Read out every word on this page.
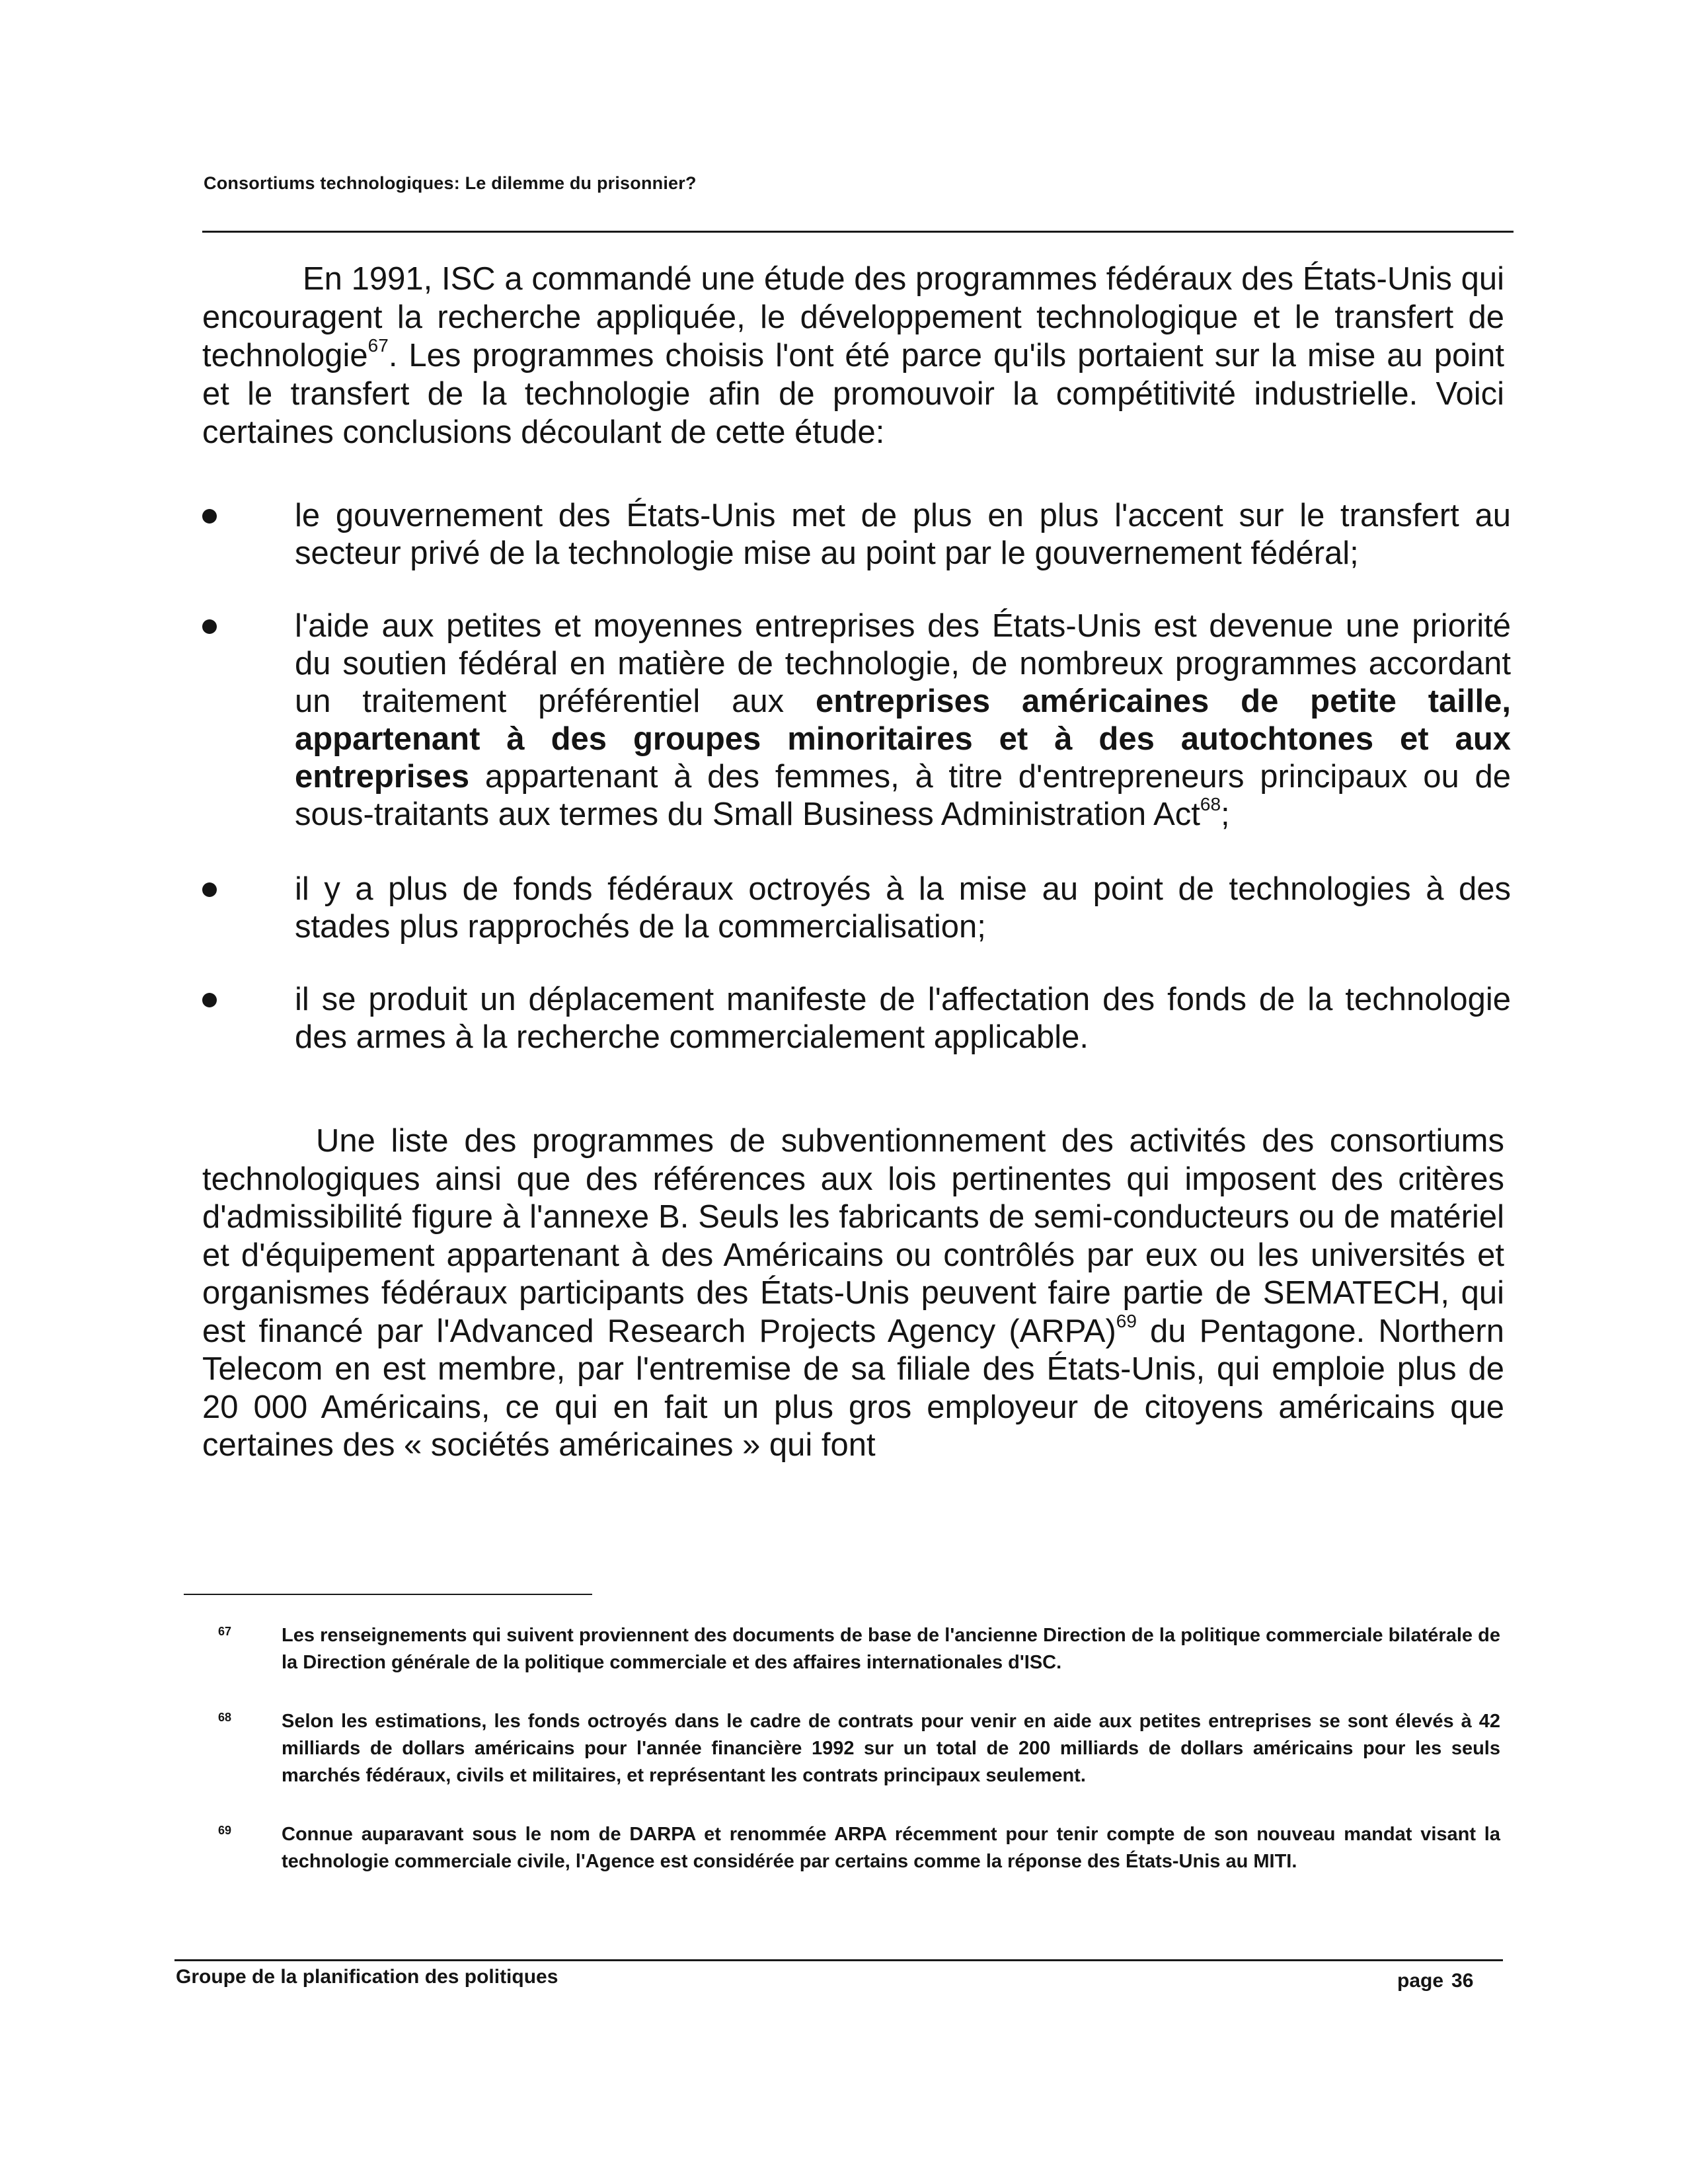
Consortiums technologiques: Le dilemme du prisonnier?

En 1991, ISC a commandé une étude des programmes fédéraux des États-Unis qui encouragent la recherche appliquée, le développement technologique et le transfert de technologie$^{67}$. Les programmes choisis l'ont été parce qu'ils portaient sur la mise au point et le transfert de la technologie afin de promouvoir la compétitivité industrielle. Voici certaines conclusions découlant de cette étude:

le gouvernement des États-Unis met de plus en plus l'accent sur le transfert au secteur privé de la technologie mise au point par le gouvernement fédéral;
l'aide aux petites et moyennes entreprises des États-Unis est devenue une priorité du soutien fédéral en matière de technologie, de nombreux programmes accordant un traitement préférentiel aux entreprises américaines de petite taille, appartenant à des groupes minoritaires et à des autochtones et aux entreprises appartenant à des femmes, à titre d'entrepreneurs principaux ou de sous-traitants aux termes du Small Business Administration Act$^{68}$;
il y a plus de fonds fédéraux octroyés à la mise au point de technologies à des stades plus rapprochés de la commercialisation;
il se produit un déplacement manifeste de l'affectation des fonds de la technologie des armes à la recherche commercialement applicable.

Une liste des programmes de subventionnement des activités des consortiums technologiques ainsi que des références aux lois pertinentes qui imposent des critères d'admissibilité figure à l'annexe B. Seuls les fabricants de semi-conducteurs ou de matériel et d'équipement appartenant à des Américains ou contrôlés par eux ou les universités et organismes fédéraux participants des États-Unis peuvent faire partie de SEMATECH, qui est financé par l'Advanced Research Projects Agency (ARPA)$^{69}$ du Pentagone. Northern Telecom en est membre, par l'entremise de sa filiale des États-Unis, qui emploie plus de 20 000 Américains, ce qui en fait un plus gros employeur de citoyens américains que certaines des « sociétés américaines » qui font

67	Les renseignements qui suivent proviennent des documents de base de l'ancienne Direction de la politique commerciale bilatérale de la Direction générale de la politique commerciale et des affaires internationales d'ISC.
68	Selon les estimations, les fonds octroyés dans le cadre de contrats pour venir en aide aux petites entreprises se sont élevés à 42 milliards de dollars américains pour l'année financière 1992 sur un total de 200 milliards de dollars américains pour les seuls marchés fédéraux, civils et militaires, et représentant les contrats principaux seulement.
69	Connue auparavant sous le nom de DARPA et renommée ARPA récemment pour tenir compte de son nouveau mandat visant la technologie commerciale civile, l'Agence est considérée par certains comme la réponse des États-Unis au MITI.
Groupe de la planification des politiques	page 36
